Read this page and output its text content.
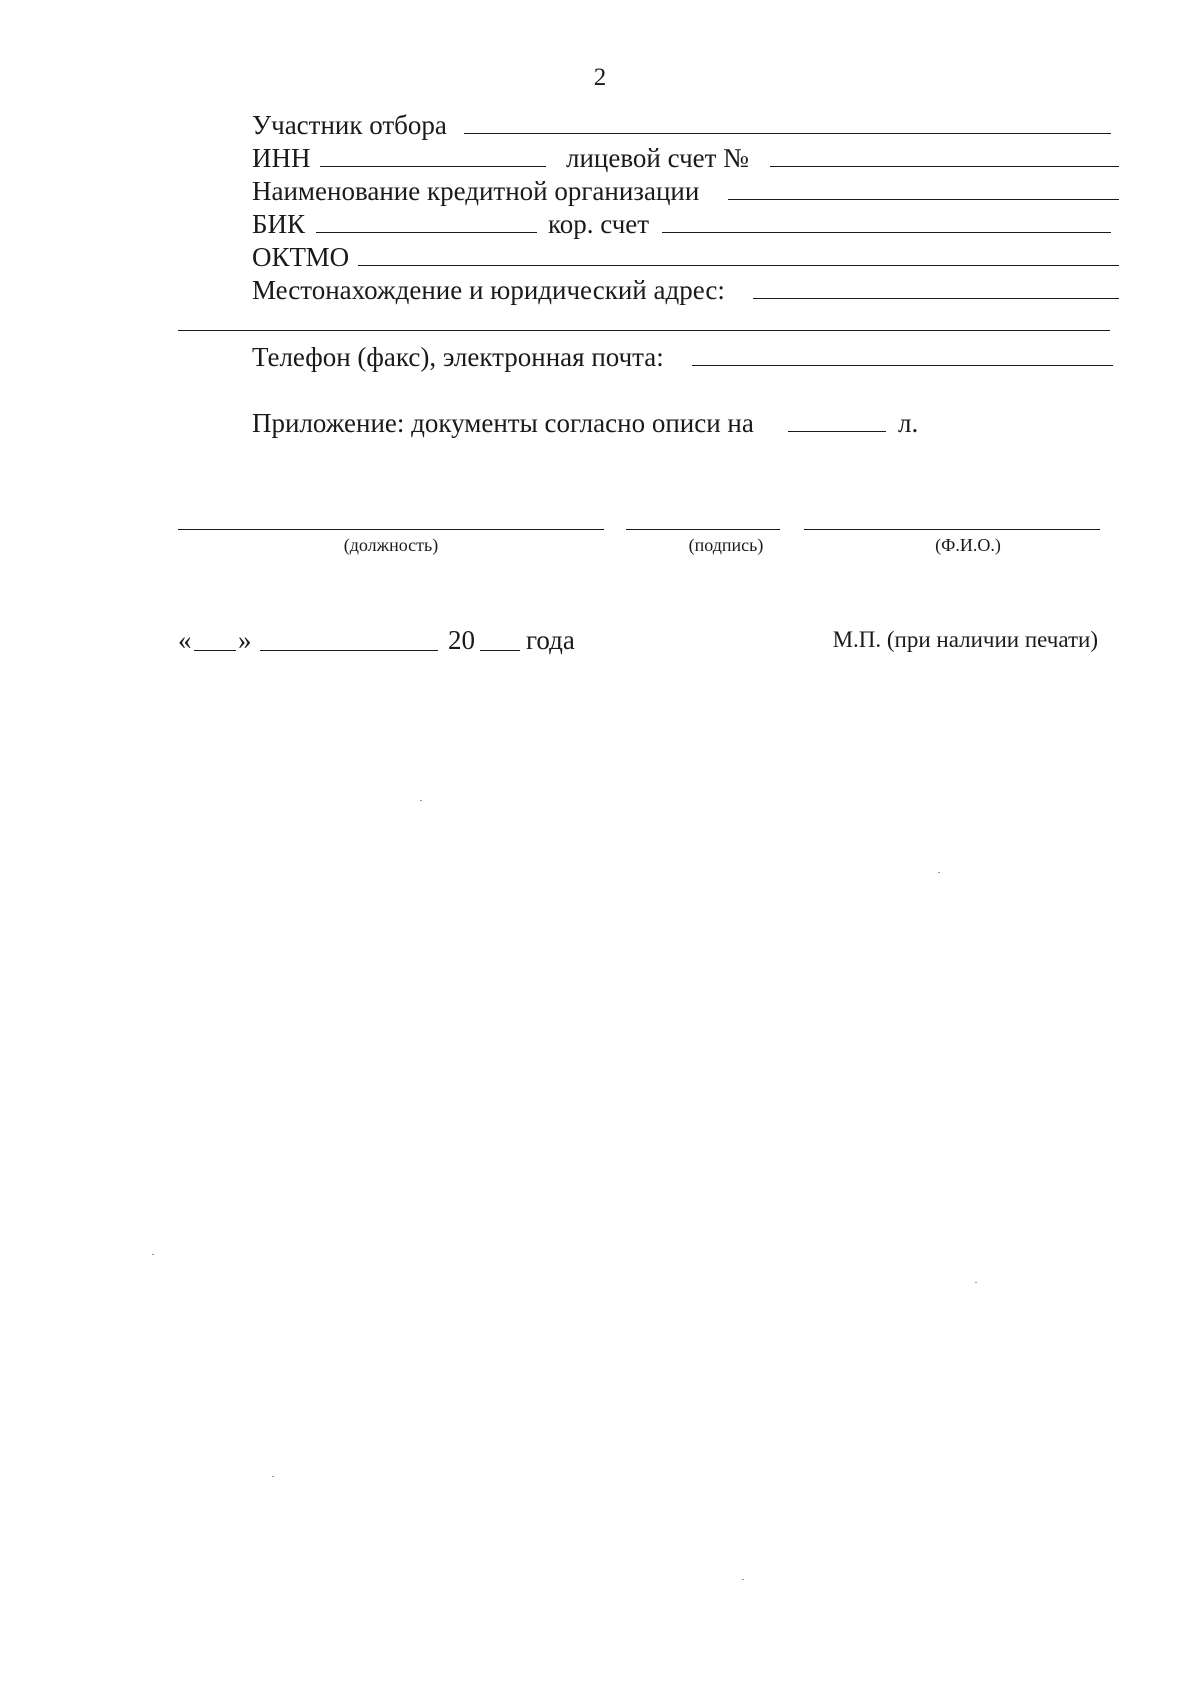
2
Участник отбора
ИНН	лицевой счет №
Наименование кредитной организации
БИК	кор. счет
ОКТМО
Местонахождение и юридический адрес:
Телефон (факс), электронная почта:
Приложение: документы согласно описи на	л.
(должность)	(подпись)	(Ф.И.О.)
« »	20 года	М.П. (при наличии печати)
